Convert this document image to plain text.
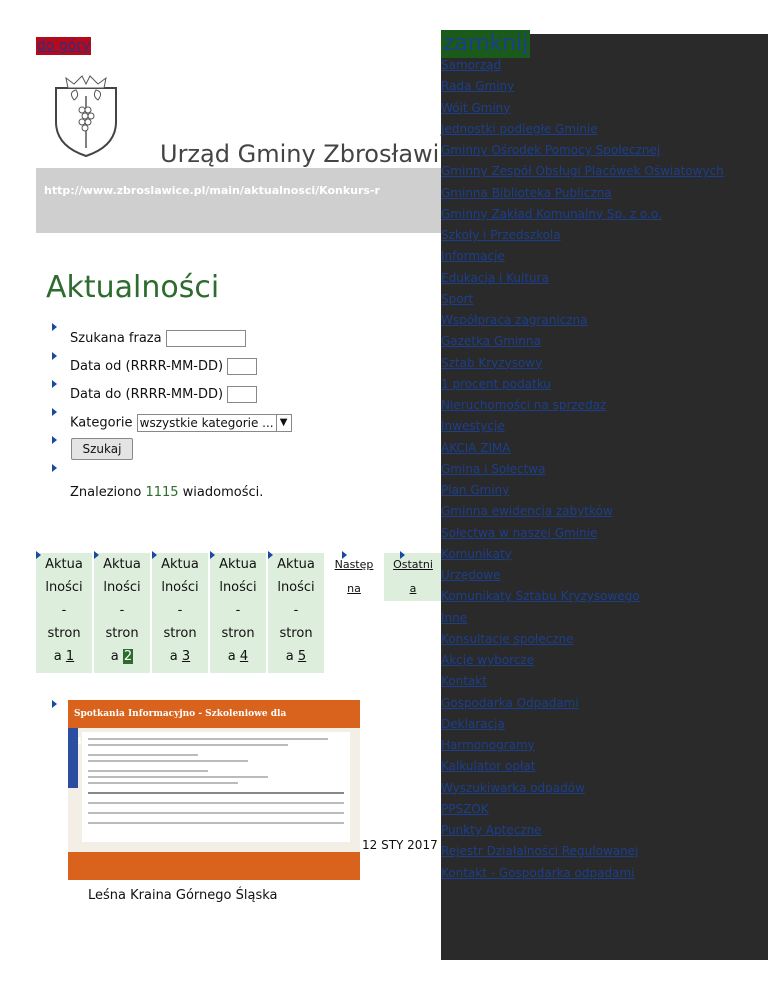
do góry
Urząd Gminy Zbrosławi
http://www.zbroslawice.pl/main/aktualnosci/Konkurs-r
Aktualności
Szukana fraza
Data od (RRRR-MM-DD)
Data do (RRRR-MM-DD)
Kategorie wszystkie kategorie ... ▼
Szukaj
Znaleziono 1115 wiadomości.
Aktua
lności
-
stron
a 1
Aktua
lności
-
stron
a 2
Aktua
lności
-
stron
a 3
Aktua
lności
-
stron
a 4
Aktua
lności
-
stron
a 5
Następ
na
Ostatni
a
Spotkania Informacyjno - Szkoleniowe dla
12 STY 2017
Leśna Kraina Górnego Śląska
zamknij
Samorząd
Rada Gminy
Wójt Gminy
Jednostki podległe Gminie
Gminny Ośrodek Pomocy Społecznej
Gminny Zespół Obsługi Placówek Oświatowych
Gminna Biblioteka Publiczna
Gminny Zakład Komunalny Sp. z o.o.
Szkoły i Przedszkola
Informacje
Edukacja i Kultura
Sport
Współpraca zagraniczna
Gazetka Gminna
Sztab Kryzysowy
1 procent podatku
Nieruchomości na sprzedaż
Inwestycje
AKCJA ZIMA
Gmina i Sołectwa
Plan Gminy
Gminna ewidencja zabytków
Sołectwa w naszej Gminie
Komunikaty
Urzędowe
Komunikaty Sztabu Kryzysowego
Inne
Konsultacje społeczne
Akcje wyborcze
Kontakt
Gospodarka Odpadami
Deklaracja
Harmonogramy
Kalkulator opłat
Wyszukiwarka odpadów
PPSZOK
Punkty Apteczne
Rejestr Działalności Regulowanej
Kontakt - Gospodarka odpadami
